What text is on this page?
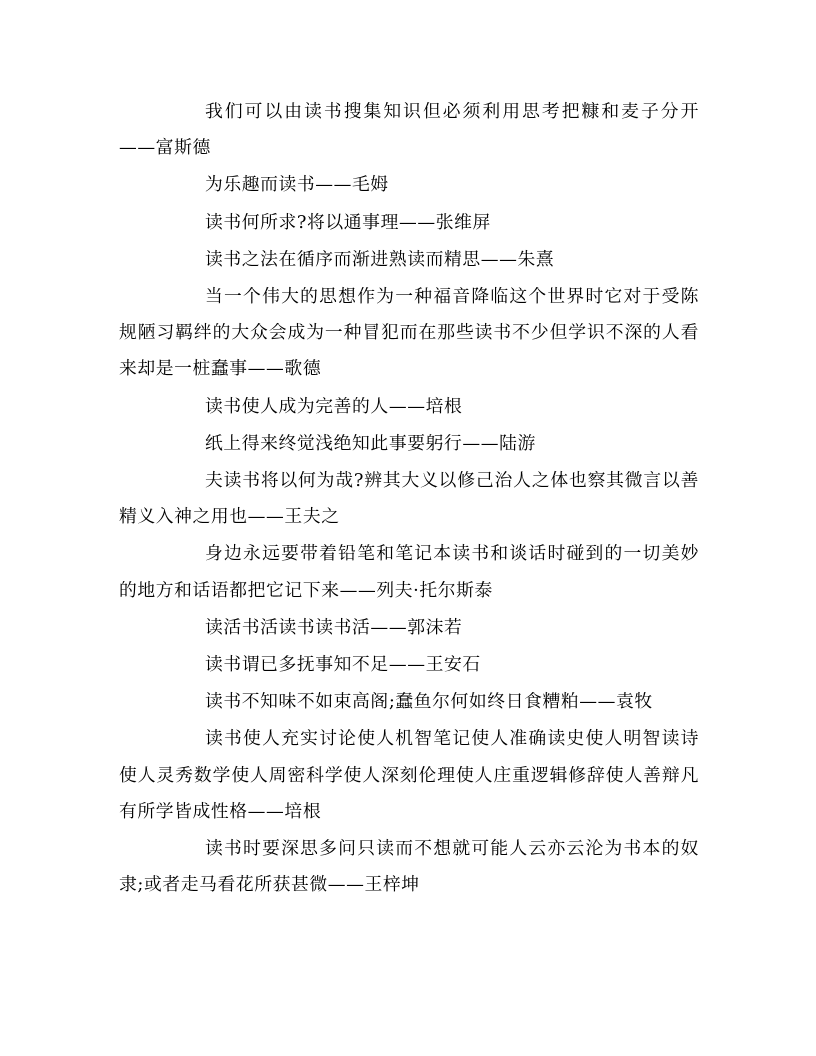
我们可以由读书搜集知识但必须利用思考把糠和麦子分开——富斯德

为乐趣而读书——毛姆

读书何所求?将以通事理——张维屏

读书之法在循序而渐进熟读而精思——朱熹

当一个伟大的思想作为一种福音降临这个世界时它对于受陈规陋习羁绊的大众会成为一种冒犯而在那些读书不少但学识不深的人看来却是一桩蠢事——歌德

读书使人成为完善的人——培根

纸上得来终觉浅绝知此事要躬行——陆游

夫读书将以何为哉?辨其大义以修己治人之体也察其微言以善精义入神之用也——王夫之

身边永远要带着铅笔和笔记本读书和谈话时碰到的一切美妙的地方和话语都把它记下来——列夫·托尔斯泰

读活书活读书读书活——郭沫若

读书谓已多抚事知不足——王安石

读书不知味不如束高阁;蠢鱼尔何如终日食糟粕——袁牧

读书使人充实讨论使人机智笔记使人准确读史使人明智读诗使人灵秀数学使人周密科学使人深刻伦理使人庄重逻辑修辞使人善辩凡有所学皆成性格——培根

读书时要深思多问只读而不想就可能人云亦云沦为书本的奴隶;或者走马看花所获甚微——王梓坤
